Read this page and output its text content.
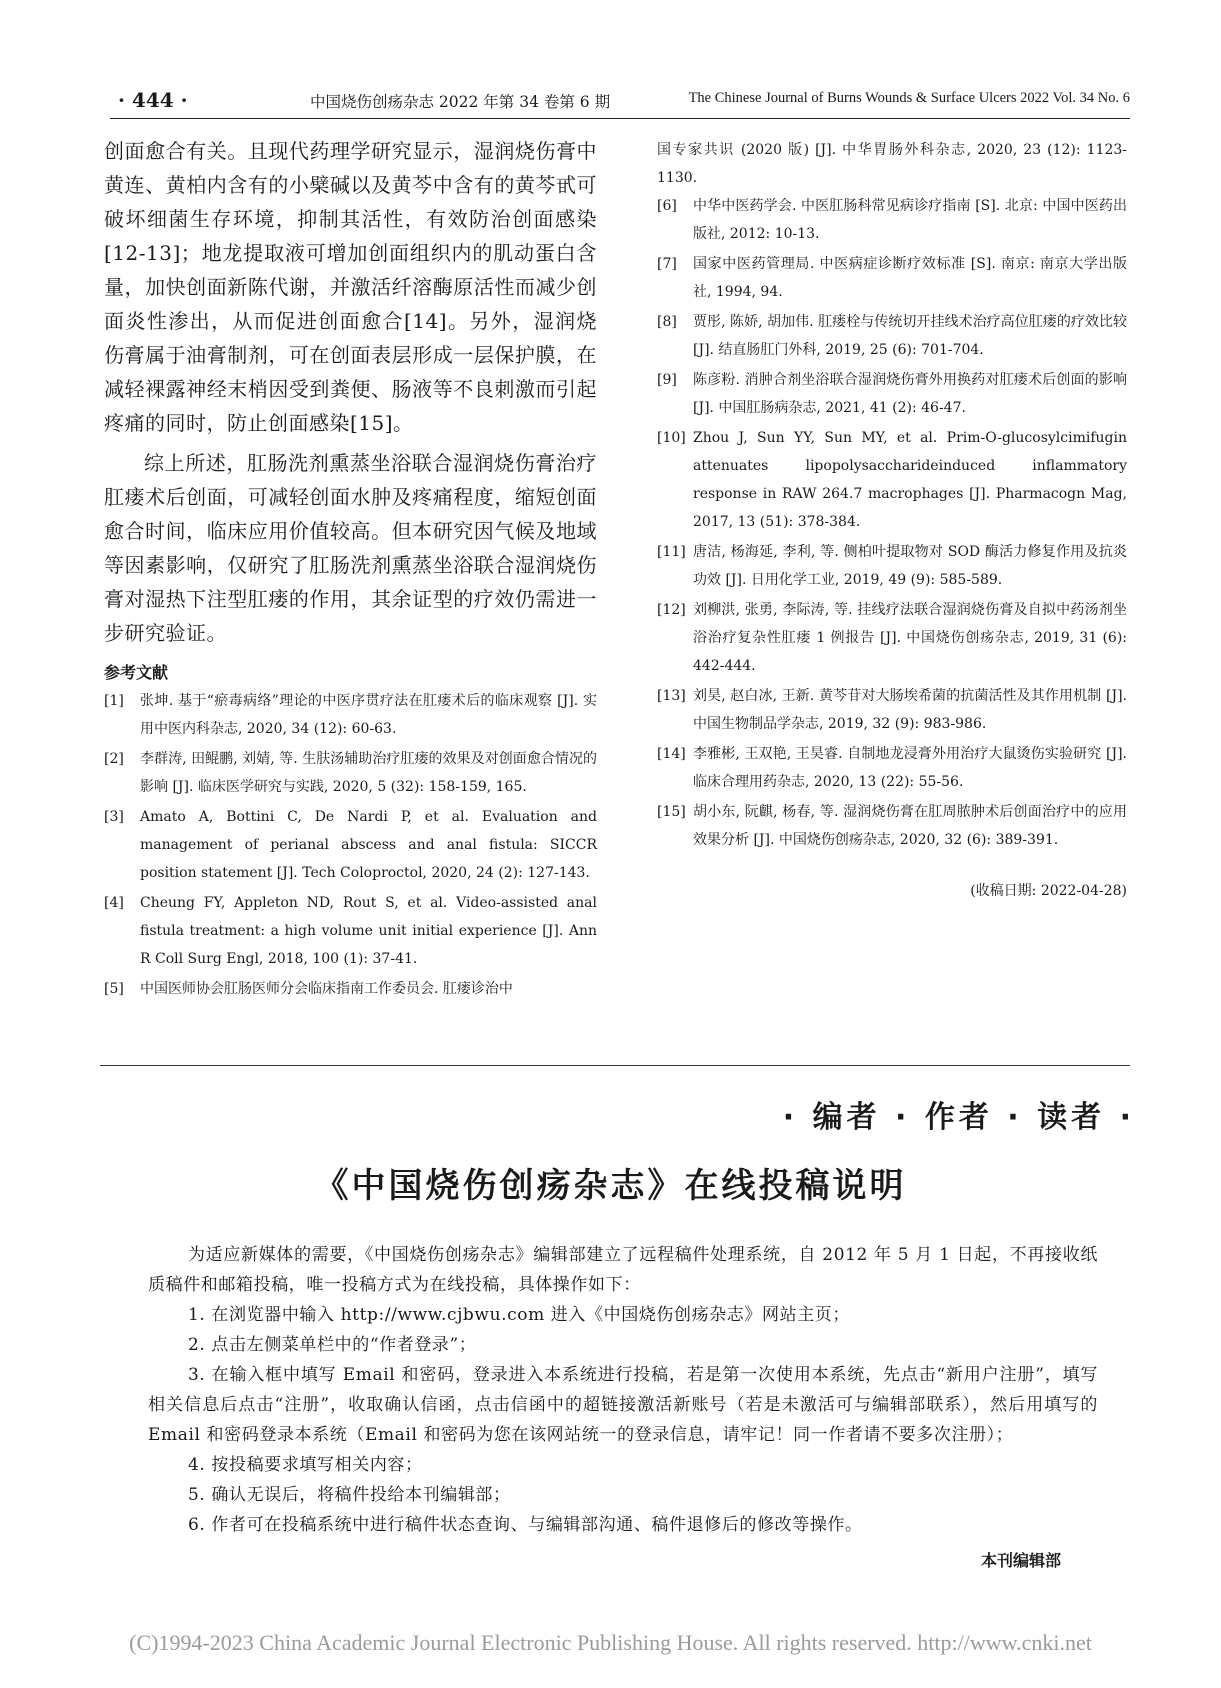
· 444 ·	中国烧伤创疡杂志 2022 年第 34 卷第 6 期	The Chinese Journal of Burns Wounds & Surface Ulcers 2022 Vol. 34 No. 6

创面愈合有关。且现代药理学研究显示，湿润烧伤膏中黄连、黄柏内含有的小檗碱以及黄芩中含有的黄芩甙可破坏细菌生存环境，抑制其活性，有效防治创面感染[12-13]；地龙提取液可增加创面组织内的肌动蛋白含量，加快创面新陈代谢，并激活纤溶酶原活性而减少创面炎性渗出，从而促进创面愈合[14]。另外，湿润烧伤膏属于油膏制剂，可在创面表层形成一层保护膜，在减轻裸露神经末梢因受到粪便、肠液等不良刺激而引起疼痛的同时，防止创面感染[15]。

综上所述，肛肠洗剂熏蒸坐浴联合湿润烧伤膏治疗肛瘘术后创面，可减轻创面水肿及疼痛程度，缩短创面愈合时间，临床应用价值较高。但本研究因气候及地域等因素影响，仅研究了肛肠洗剂熏蒸坐浴联合湿润烧伤膏对湿热下注型肛瘘的作用，其余证型的疗效仍需进一步研究验证。

参考文献
[1] 张坤. 基于“瘀毒病络”理论的中医序贯疗法在肛瘘术后的临床观察 [J]. 实用中医内科杂志, 2020, 34 (12): 60-63.
[2] 李群涛, 田鲲鹏, 刘婧, 等. 生肤汤辅助治疗肛瘘的效果及对创面愈合情况的影响 [J]. 临床医学研究与实践, 2020, 5 (32): 158-159, 165.
[3] Amato A, Bottini C, De Nardi P, et al. Evaluation and management of perianal abscess and anal fistula: SICCR position statement [J]. Tech Coloproctol, 2020, 24 (2): 127-143.
[4] Cheung FY, Appleton ND, Rout S, et al. Video-assisted anal fistula treatment: a high volume unit initial experience [J]. Ann R Coll Surg Engl, 2018, 100 (1): 37-41.
[5] 中国医师协会肛肠医师分会临床指南工作委员会. 肛瘘诊治中
国专家共识 (2020 版) [J]. 中华胃肠外科杂志, 2020, 23 (12): 1123-1130.
[6] 中华中医药学会. 中医肛肠科常见病诊疗指南 [S]. 北京: 中国中医药出版社, 2012: 10-13.
[7] 国家中医药管理局. 中医病症诊断疗效标准 [S]. 南京: 南京大学出版社, 1994, 94.
[8] 贾彤, 陈娇, 胡加伟. 肛瘘栓与传统切开挂线术治疗高位肛瘘的疗效比较 [J]. 结直肠肛门外科, 2019, 25 (6): 701-704.
[9] 陈彦粉. 消肿合剂坐浴联合湿润烧伤膏外用换药对肛瘘术后创面的影响 [J]. 中国肛肠病杂志, 2021, 41 (2): 46-47.
[10] Zhou J, Sun YY, Sun MY, et al. Prim-O-glucosylcimifugin attenuates lipopolysaccharideinduced inflammatory response in RAW 264.7 macrophages [J]. Pharmacogn Mag, 2017, 13 (51): 378-384.
[11] 唐洁, 杨海延, 李利, 等. 侧柏叶提取物对 SOD 酶活力修复作用及抗炎功效 [J]. 日用化学工业, 2019, 49 (9): 585-589.
[12] 刘柳洪, 张勇, 李际涛, 等. 挂线疗法联合湿润烧伤膏及自拟中药汤剂坐浴治疗复杂性肛瘘 1 例报告 [J]. 中国烧伤创疡杂志, 2019, 31 (6): 442-444.
[13] 刘昊, 赵白冰, 王新. 黄芩苷对大肠埃希菌的抗菌活性及其作用机制 [J]. 中国生物制品学杂志, 2019, 32 (9): 983-986.
[14] 李雅彬, 王双艳, 王昊睿. 自制地龙浸膏外用治疗大鼠烫伤实验研究 [J]. 临床合理用药杂志, 2020, 13 (22): 55-56.
[15] 胡小东, 阮麒, 杨春, 等. 湿润烧伤膏在肛周脓肿术后创面治疗中的应用效果分析 [J]. 中国烧伤创疡杂志, 2020, 32 (6): 389-391.
(收稿日期: 2022-04-28)
· 编者 · 作者 · 读者 ·
《中国烧伤创疡杂志》在线投稿说明

为适应新媒体的需要，《中国烧伤创疡杂志》编辑部建立了远程稿件处理系统，自 2012 年 5 月 1 日起，不再接收纸质稿件和邮箱投稿，唯一投稿方式为在线投稿，具体操作如下：

1. 在浏览器中输入 http://www.cjbwu.com 进入《中国烧伤创疡杂志》网站主页；

2. 点击左侧菜单栏中的“作者登录”；

3. 在输入框中填写 Email 和密码，登录进入本系统进行投稿，若是第一次使用本系统，先点击“新用户注册”，填写相关信息后点击“注册”，收取确认信函，点击信函中的超链接激活新账号（若是未激活可与编辑部联系），然后用填写的 Email 和密码登录本系统（Email 和密码为您在该网站统一的登录信息，请牢记！同一作者请不要多次注册）；

4. 按投稿要求填写相关内容；

5. 确认无误后，将稿件投给本刊编辑部；

6. 作者可在投稿系统中进行稿件状态查询、与编辑部沟通、稿件退修后的修改等操作。

本刊编辑部
(C)1994-2023 China Academic Journal Electronic Publishing House. All rights reserved. http://www.cnki.net
